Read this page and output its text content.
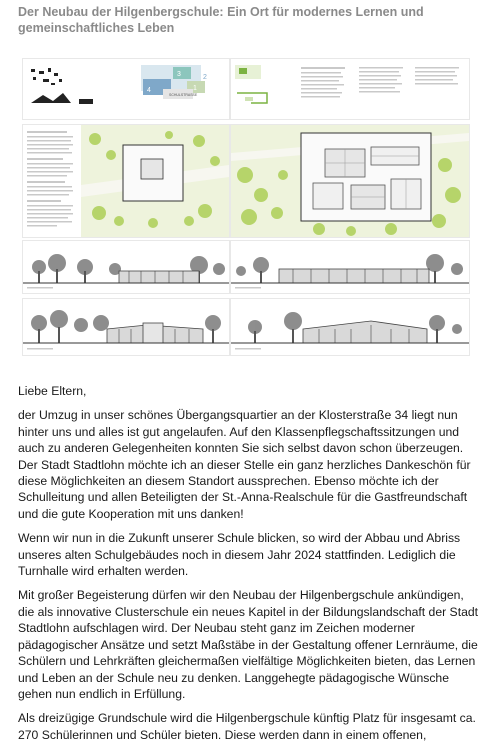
Der Neubau der Hilgenbergschule: Ein Ort für modernes Lernen und gemeinschaftliches Leben
4
3
1
2
SCHULSTRASSE

Liebe Eltern,

der Umzug in unser schönes Übergangsquartier an der Klosterstraße 34 liegt nun hinter uns und alles ist gut angelaufen. Auf den Klassenpflegschaftssitzungen und auch zu anderen Gelegenheiten konnten Sie sich selbst davon schon überzeugen. Der Stadt Stadtlohn möchte ich an dieser Stelle ein ganz herzliches Dankeschön für diese Möglichkeiten an diesem Standort aussprechen. Ebenso möchte ich der Schulleitung und allen Beteiligten der St.-Anna-Realschule für die Gastfreundschaft und die gute Kooperation mit uns danken!

Wenn wir nun in die Zukunft unserer Schule blicken, so wird der Abbau und Abriss unseres alten Schulgebäudes noch in diesem Jahr 2024 stattfinden. Lediglich die Turnhalle wird erhalten werden.

Mit großer Begeisterung dürfen wir den Neubau der Hilgenbergschule ankündigen, die als innovative Clusterschule ein neues Kapitel in der Bildungslandschaft der Stadt Stadtlohn aufschlagen wird. Der Neubau steht ganz im Zeichen moderner pädagogischer Ansätze und setzt Maßstäbe in der Gestaltung offener Lernräume, die Schülern und Lehrkräften gleichermaßen vielfältige Möglichkeiten bieten, das Lernen und Leben an der Schule neu zu denken. Langgehegte pädagogische Wünsche gehen nun endlich in Erfüllung.

Als dreizügige Grundschule wird die Hilgenbergschule künftig Platz für insgesamt ca. 270 Schülerinnen und Schüler bieten. Diese werden dann in einem offenen,
